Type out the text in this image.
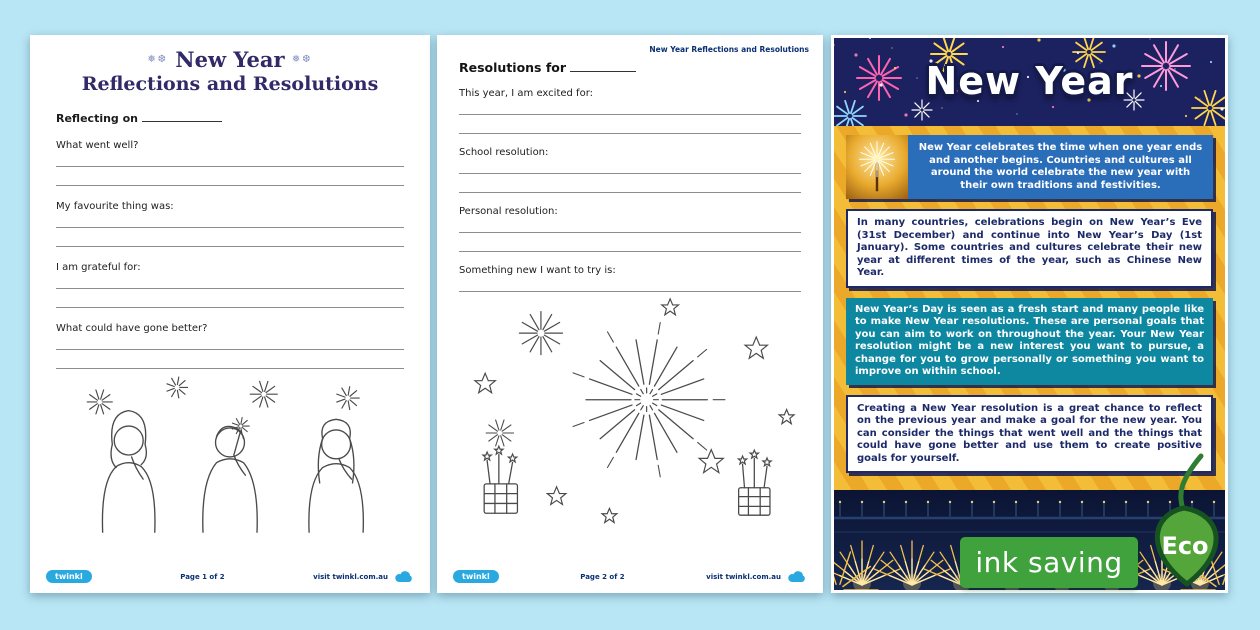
❅❆ New Year ❅❆
Reflections and Resolutions
Reflecting on
What went well?
My favourite thing was:
I am grateful for:
What could have gone better?
twinkl	Page 1 of 2	visit twinkl.com.au
New Year Reflections and Resolutions
Resolutions for
This year, I am excited for:
School resolution:
Personal resolution:
Something new I want to try is:
twinkl	Page 2 of 2	visit twinkl.com.au
New Year
New Year celebrates the time when one year ends and another begins. Countries and cultures all around the world celebrate the new year with their own traditions and festivities.
In many countries, celebrations begin on New Year’s Eve (31st December) and continue into New Year’s Day (1st January). Some countries and cultures celebrate their new year at different times of the year, such as Chinese New Year.
New Year’s Day is seen as a fresh start and many people like to make New Year resolutions. These are personal goals that you can aim to work on throughout the year. Your New Year resolution might be a new interest you want to pursue, a change for you to grow personally or something you want to improve on within school.
Creating a New Year resolution is a great chance to reflect on the previous year and make a goal for the new year. You can consider the things that went well and the things that could have gone better and use them to create positive goals for yourself.
ink saving Eco
